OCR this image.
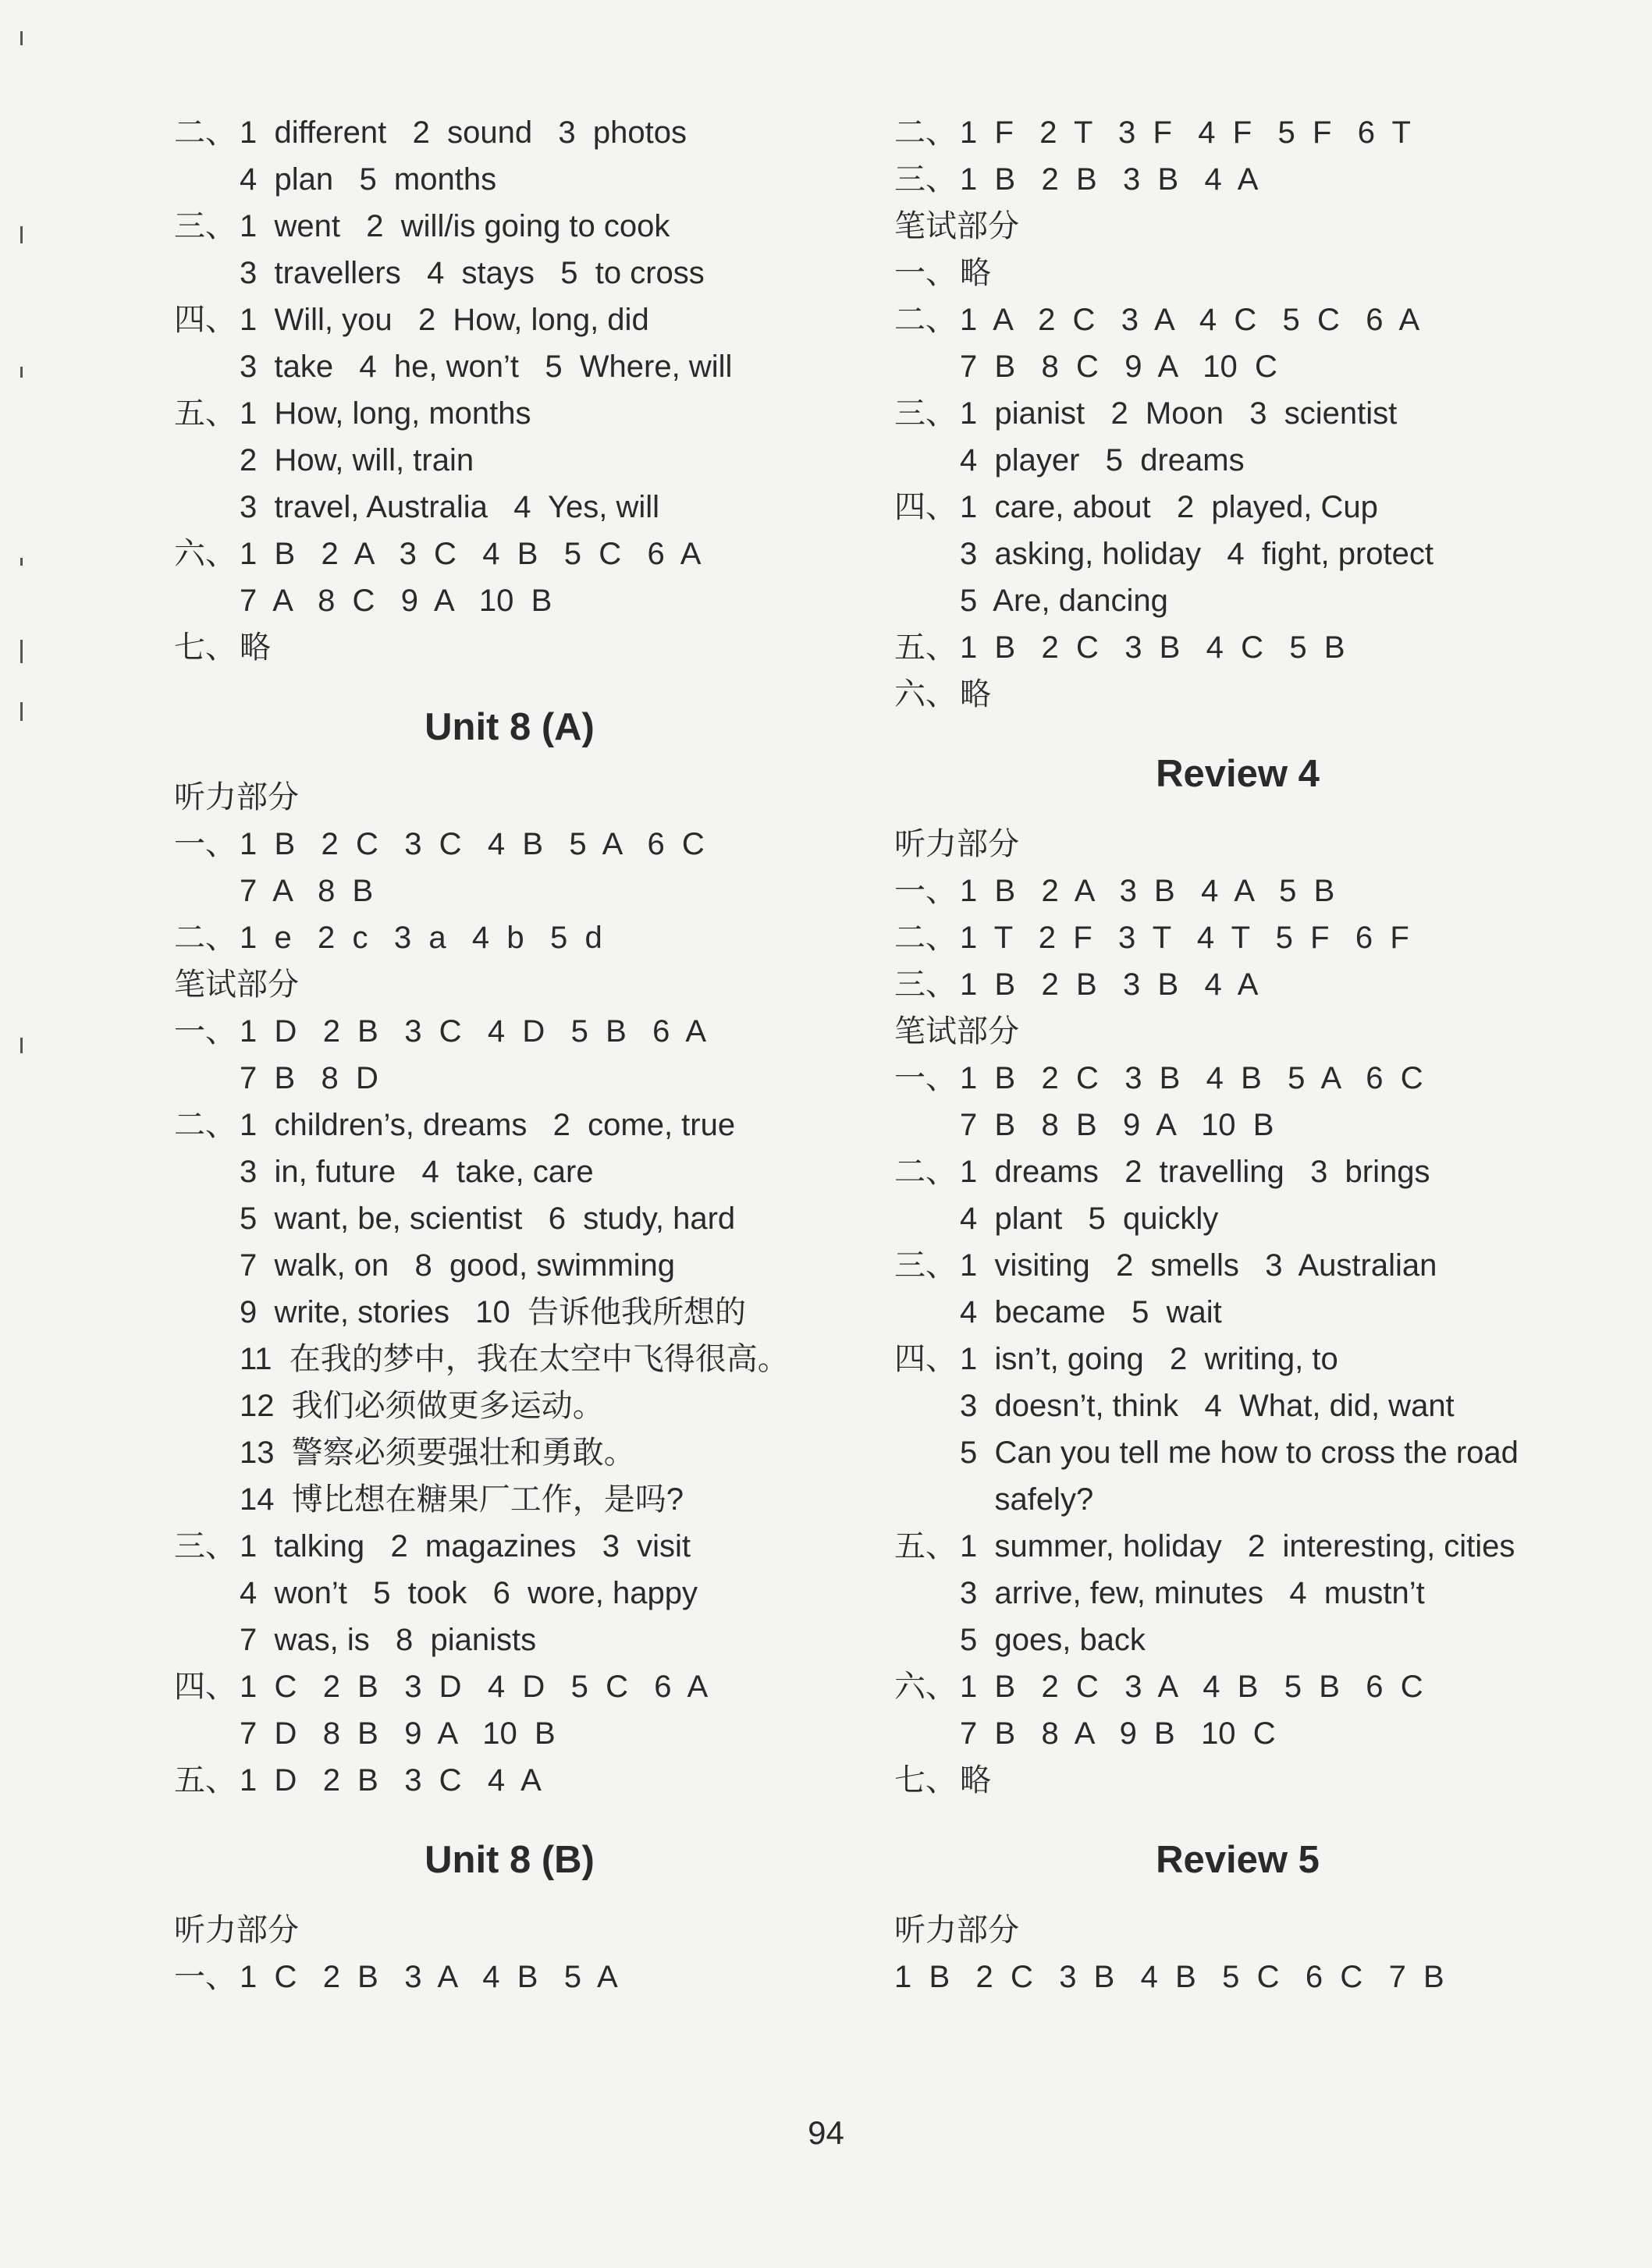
二、 1  different   2  sound   3  photos
4  plan   5  months
三、 1  went   2  will/is going to cook
3  travellers   4  stays   5  to cross
四、 1  Will, you   2  How, long, did
3  take   4  he, won’t   5  Where, will
五、 1  How, long, months
2  How, will, train
3  travel, Australia   4  Yes, will
六、 1  B   2  A   3  C   4  B   5  C   6  A
7  A   8  C   9  A   10  B
七、 略
Unit 8 (A)
听力部分
一、 1  B   2  C   3  C   4  B   5  A   6  C
7  A   8  B
二、 1  e   2  c   3  a   4  b   5  d
笔试部分
一、 1  D   2  B   3  C   4  D   5  B   6  A
7  B   8  D
二、 1  children’s, dreams   2  come, true
3  in, future   4  take, care
5  want, be, scientist   6  study, hard
7  walk, on   8  good, swimming
9  write, stories   10  告诉他我所想的
11  在我的梦中，我在太空中飞得很高。
12  我们必须做更多运动。
13  警察必须要强壮和勇敢。
14  博比想在糖果厂工作，是吗?
三、 1  talking   2  magazines   3  visit
4  won’t   5  took   6  wore, happy
7  was, is   8  pianists
四、 1  C   2  B   3  D   4  D   5  C   6  A
7  D   8  B   9  A   10  B
五、 1  D   2  B   3  C   4  A
Unit 8 (B)
听力部分
一、 1  C   2  B   3  A   4  B   5  A
二、 1  F   2  T   3  F   4  F   5  F   6  T
三、 1  B   2  B   3  B   4  A
笔试部分
一、 略
二、 1  A   2  C   3  A   4  C   5  C   6  A
7  B   8  C   9  A   10  C
三、 1  pianist   2  Moon   3  scientist
4  player   5  dreams
四、 1  care, about   2  played, Cup
3  asking, holiday   4  fight, protect
5  Are, dancing
五、 1  B   2  C   3  B   4  C   5  B
六、 略
Review 4
听力部分
一、 1  B   2  A   3  B   4  A   5  B
二、 1  T   2  F   3  T   4  T   5  F   6  F
三、 1  B   2  B   3  B   4  A
笔试部分
一、 1  B   2  C   3  B   4  B   5  A   6  C
7  B   8  B   9  A   10  B
二、 1  dreams   2  travelling   3  brings
4  plant   5  quickly
三、 1  visiting   2  smells   3  Australian
4  became   5  wait
四、 1  isn’t, going   2  writing, to
3  doesn’t, think   4  What, did, want
5  Can you tell me how to cross the road
safely?
五、 1  summer, holiday   2  interesting, cities
3  arrive, few, minutes   4  mustn’t
5  goes, back
六、 1  B   2  C   3  A   4  B   5  B   6  C
7  B   8  A   9  B   10  C
七、 略
Review 5
听力部分
1  B   2  C   3  B   4  B   5  C   6  C   7  B
94
